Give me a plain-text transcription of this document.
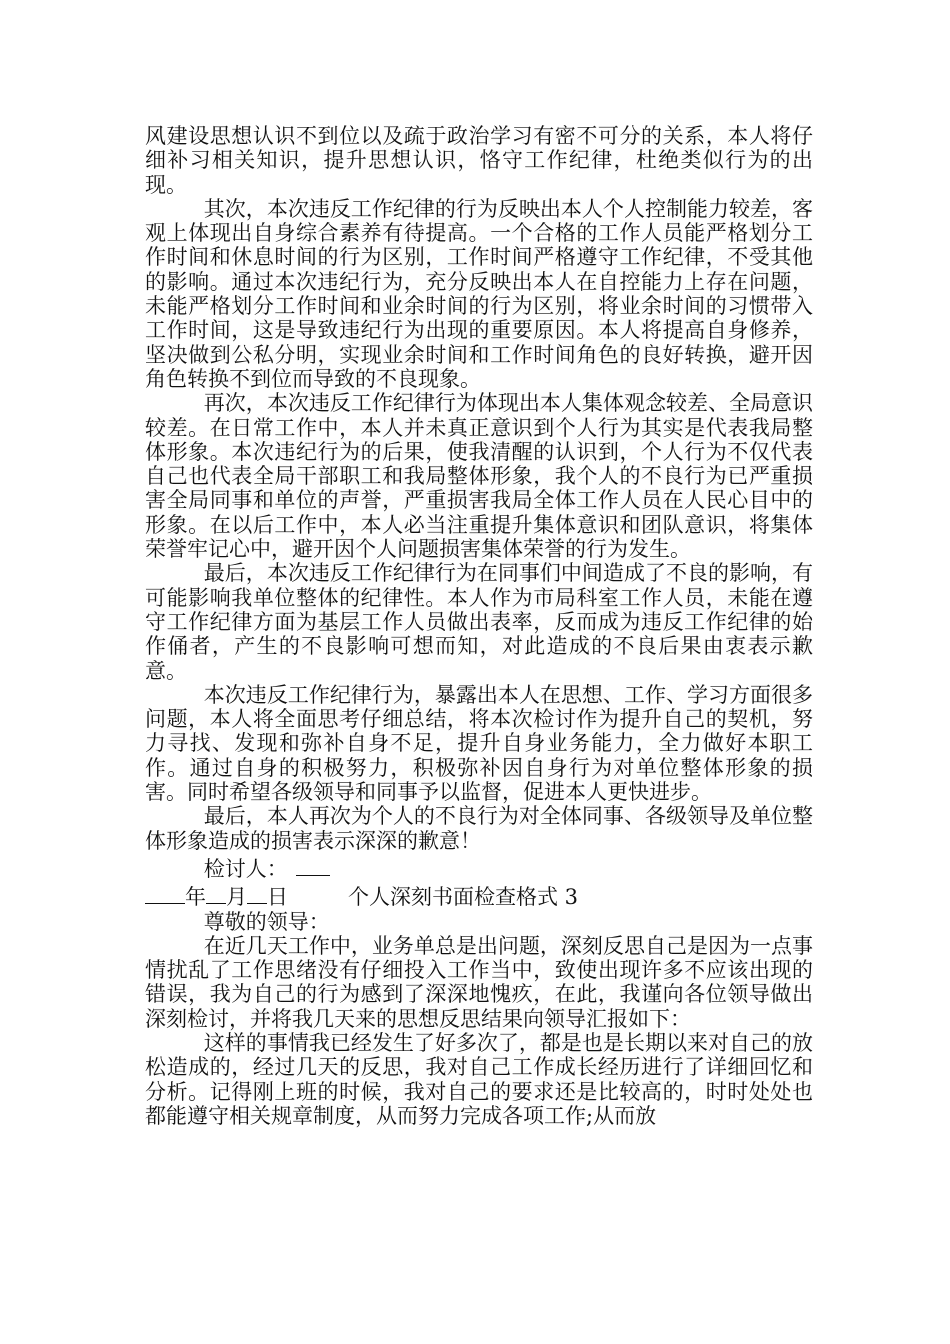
风建设思想认识不到位以及疏于政治学习有密不可分的关系，本人将仔细补习相关知识，提升思想认识，恪守工作纪律，杜绝类似行为的出现。

其次，本次违反工作纪律的行为反映出本人个人控制能力较差，客观上体现出自身综合素养有待提高。一个合格的工作人员能严格划分工作时间和休息时间的行为区别，工作时间严格遵守工作纪律，不受其他的影响。通过本次违纪行为，充分反映出本人在自控能力上存在问题，未能严格划分工作时间和业余时间的行为区别，将业余时间的习惯带入工作时间，这是导致违纪行为出现的重要原因。本人将提高自身修养，坚决做到公私分明，实现业余时间和工作时间角色的良好转换，避开因角色转换不到位而导致的不良现象。

再次，本次违反工作纪律行为体现出本人集体观念较差、全局意识较差。在日常工作中，本人并未真正意识到个人行为其实是代表我局整体形象。本次违纪行为的后果，使我清醒的认识到，个人行为不仅代表自己也代表全局干部职工和我局整体形象，我个人的不良行为已严重损害全局同事和单位的声誉，严重损害我局全体工作人员在人民心目中的形象。在以后工作中，本人必当注重提升集体意识和团队意识，将集体荣誉牢记心中，避开因个人问题损害集体荣誉的行为发生。

最后，本次违反工作纪律行为在同事们中间造成了不良的影响，有可能影响我单位整体的纪律性。本人作为市局科室工作人员，未能在遵守工作纪律方面为基层工作人员做出表率，反而成为违反工作纪律的始作俑者，产生的不良影响可想而知，对此造成的不良后果由衷表示歉意。

本次违反工作纪律行为，暴露出本人在思想、工作、学习方面很多问题，本人将全面思考仔细总结，将本次检讨作为提升自己的契机，努力寻找、发现和弥补自身不足，提升自身业务能力，全力做好本职工作。通过自身的积极努力，积极弥补因自身行为对单位整体形象的损害。同时希望各级领导和同事予以监督，促进本人更快进步。

最后，本人再次为个人的不良行为对全体同事、各级领导及单位整体形象造成的损害表示深深的歉意！

检讨人：

年 月 日	个人深刻书面检查格式 3

尊敬的领导：

在近几天工作中，业务单总是出问题，深刻反思自己是因为一点事情扰乱了工作思绪没有仔细投入工作当中，致使出现许多不应该出现的错误，我为自己的行为感到了深深地愧疚，在此，我谨向各位领导做出深刻检讨，并将我几天来的思想反思结果向领导汇报如下：

这样的事情我已经发生了好多次了，都是也是长期以来对自己的放松造成的，经过几天的反思，我对自己工作成长经历进行了详细回忆和分析。记得刚上班的时候，我对自己的要求还是比较高的，时时处处也都能遵守相关规章制度，从而努力完成各项工作;从而放
